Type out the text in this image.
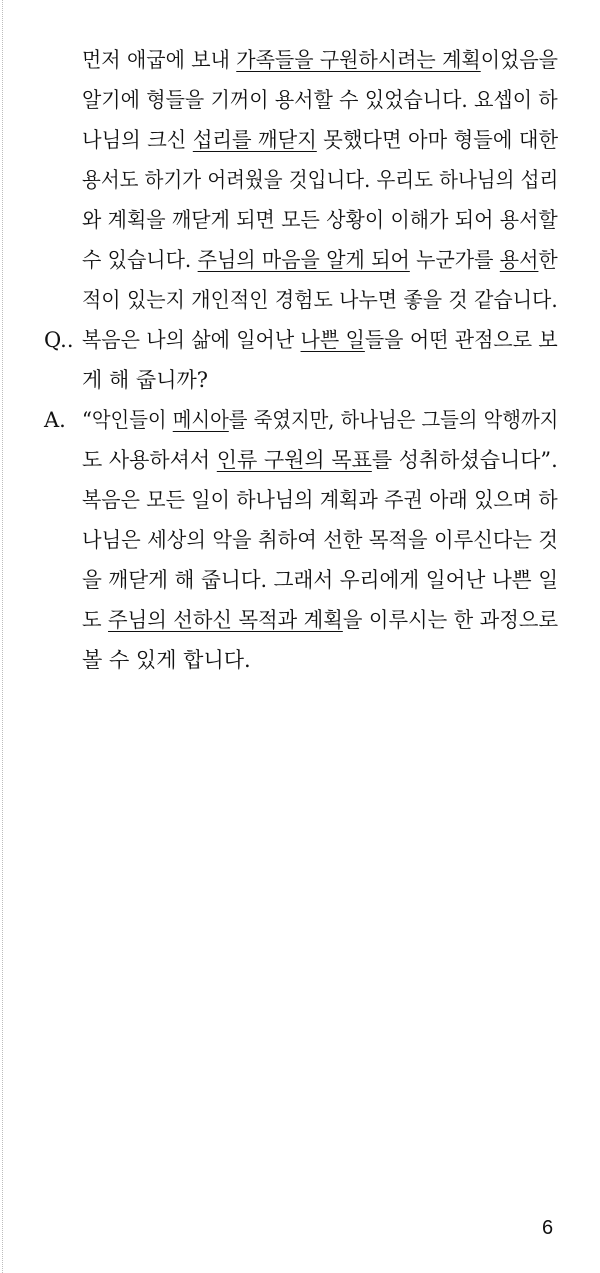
먼저 애굽에 보내 가족들을 구원하시려는 계획이었음을
알기에 형들을 기꺼이 용서할 수 있었습니다. 요셉이 하
나님의 크신 섭리를 깨닫지 못했다면 아마 형들에 대한
용서도 하기가 어려웠을 것입니다. 우리도 하나님의 섭리
와 계획을 깨닫게 되면 모든 상황이 이해가 되어 용서할
수 있습니다. 주님의 마음을 알게 되어 누군가를 용서한
적이 있는지 개인적인 경험도 나누면 좋을 것 같습니다.
Q.. 복음은 나의 삶에 일어난 나쁜 일들을 어떤 관점으로 보
게 해 줍니까?
A. “악인들이 메시아를 죽였지만, 하나님은 그들의 악행까지
도 사용하셔서 인류 구원의 목표를 성취하셨습니다”.
복음은 모든 일이 하나님의 계획과 주권 아래 있으며 하
나님은 세상의 악을 취하여 선한 목적을 이루신다는 것
을 깨닫게 해 줍니다. 그래서 우리에게 일어난 나쁜 일
도 주님의 선하신 목적과 계획을 이루시는 한 과정으로
볼 수 있게 합니다.
6
